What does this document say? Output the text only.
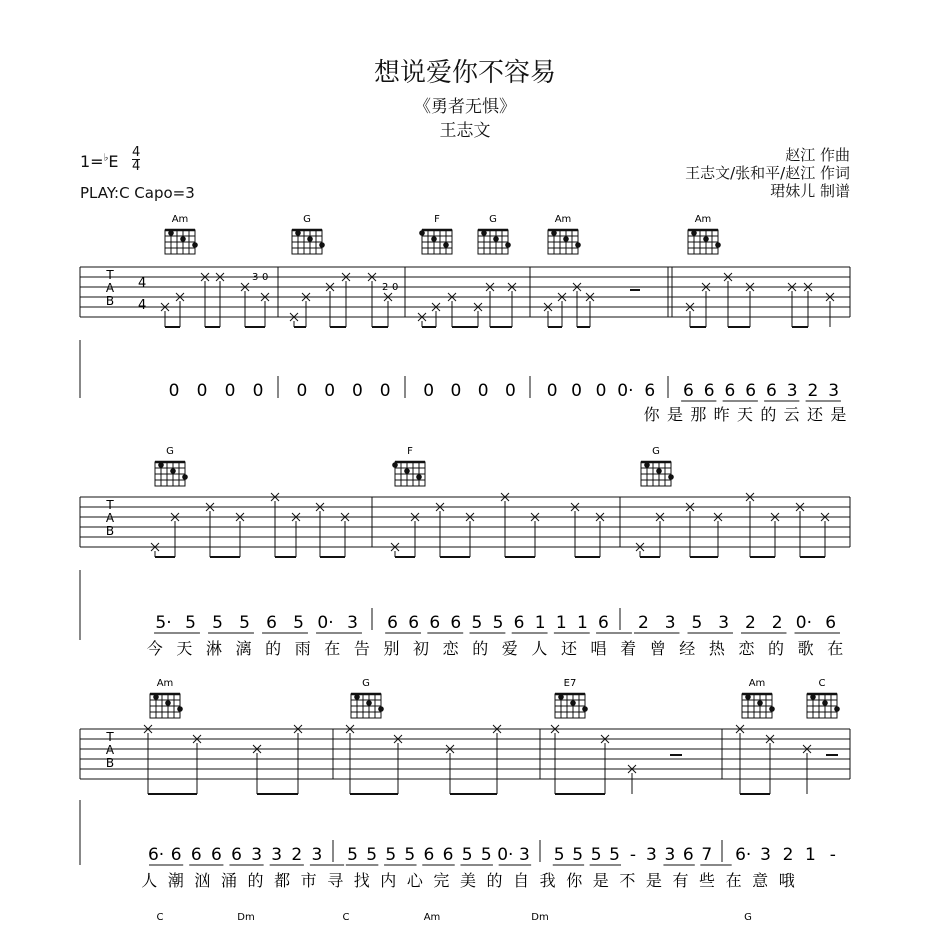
想说爱你不容易
《勇者无惧》
王志文
1=♭E 4
4
PLAY:C Capo=3
赵江 作曲
王志文/张和平/赵江 作词
珺妹儿 制谱
Am	G	F	G	Am	Am
T
A
B
4
4
3 0
2 0
0 0 0 0 0 0 0 0 0 0 0 0 0 0 0 0· 6 6 6 6 6 6 3 2 3
你 是 那 昨 天 的 云 还 是
G	F	G
T
A
B
5· 5 5 5 6 5 0· 3 6 6 6 6 5 5 6 1 1 1 6 2 3 5 3 2 2 0· 6
今 天 淋 漓 的 雨 在 告 别 初 恋 的 爱 人 还 唱 着 曾 经 热 恋 的 歌 在
Am	G	E7	Am	C
T
A
B
6· 6 6 6 6 3 3 2 3 5 5 5 5 6 6 5 5 0· 3 5 5 5 5 - 3 3 6 7 6· 3 2 1 -
人 潮 汹 涌 的 都 市 寻 找 内 心 完 美 的 自 我 你 是 不 是 有 些 在 意 哦
C	Dm	C	Am	Dm	G
